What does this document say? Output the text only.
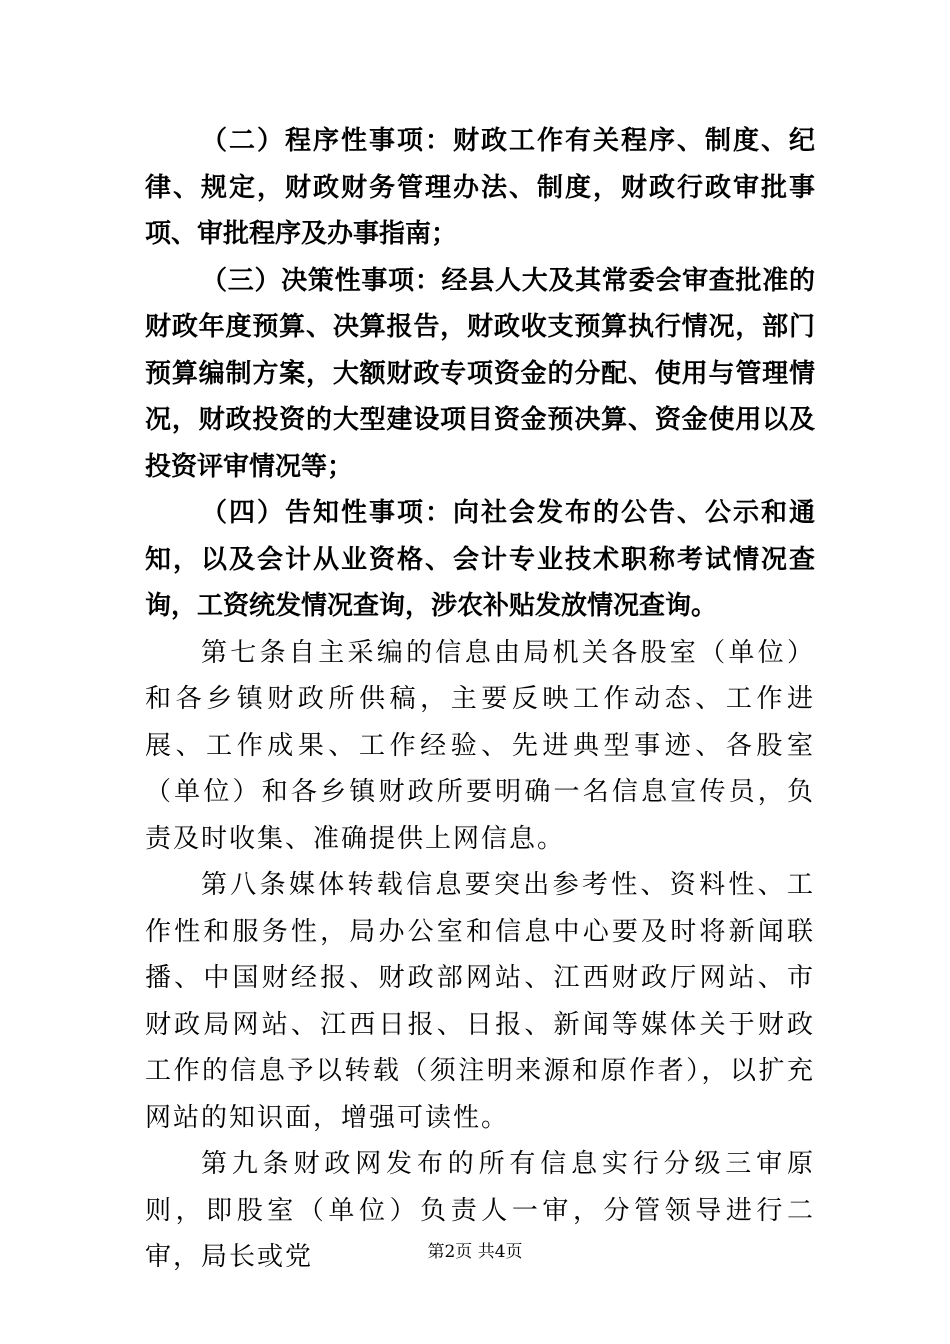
（二）程序性事项：财政工作有关程序、制度、纪律、规定，财政财务管理办法、制度，财政行政审批事项、审批程序及办事指南；

（三）决策性事项：经县人大及其常委会审查批准的财政年度预算、决算报告，财政收支预算执行情况，部门预算编制方案，大额财政专项资金的分配、使用与管理情况，财政投资的大型建设项目资金预决算、资金使用以及投资评审情况等；

（四）告知性事项：向社会发布的公告、公示和通知，以及会计从业资格、会计专业技术职称考试情况查询，工资统发情况查询，涉农补贴发放情况查询。

第七条自主采编的信息由局机关各股室（单位）和各乡镇财政所供稿，主要反映工作动态、工作进展、工作成果、工作经验、先进典型事迹、各股室（单位）和各乡镇财政所要明确一名信息宣传员，负责及时收集、准确提供上网信息。

第八条媒体转载信息要突出参考性、资料性、工作性和服务性，局办公室和信息中心要及时将新闻联播、中国财经报、财政部网站、江西财政厅网站、市财政局网站、江西日报、日报、新闻等媒体关于财政工作的信息予以转载（须注明来源和原作者），以扩充网站的知识面，增强可读性。

第九条财政网发布的所有信息实行分级三审原则，即股室（单位）负责人一审，分管领导进行二审，局长或党	第2页 共4页
